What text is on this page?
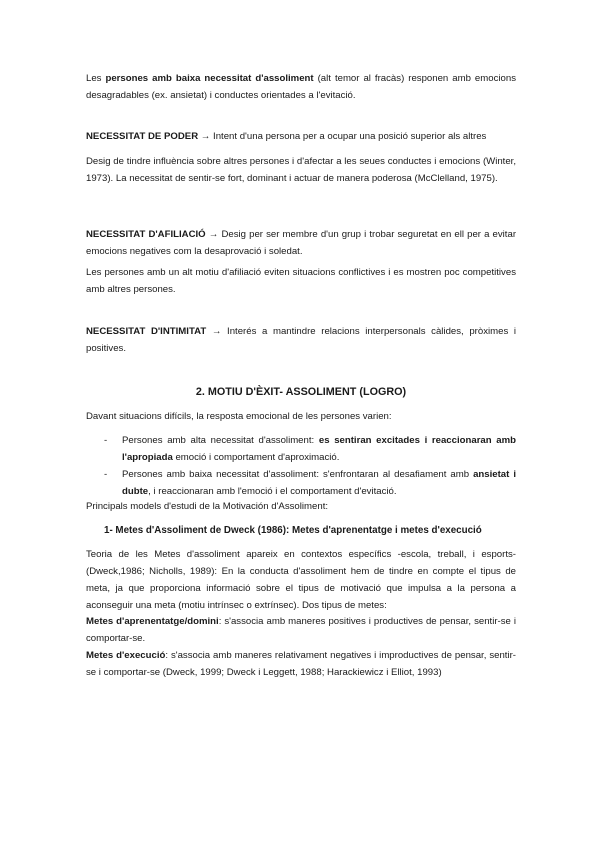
Les persones amb baixa necessitat d'assoliment (alt temor al fracàs) responen amb emocions desagradables (ex. ansietat) i conductes orientades a l'evitació.

NECESSITAT DE PODER → Intent d'una persona per a ocupar una posició superior als altres

Desig de tindre influència sobre altres persones i d'afectar a les seues conductes i emocions (Winter, 1973). La necessitat de sentir-se fort, dominant i actuar de manera poderosa (McClelland, 1975).

NECESSITAT D'AFILIACIÓ → Desig per ser membre d'un grup i trobar seguretat en ell per a evitar emocions negatives com la desaprovació i soledat.

Les persones amb un alt motiu d'afiliació eviten situacions conflictives i es mostren poc competitives amb altres persones.

NECESSITAT D'INTIMITAT → Interés a mantindre relacions interpersonals càlides, pròximes i positives.

2. MOTIU D'ÈXIT- ASSOLIMENT (LOGRO)

Davant situacions difícils, la resposta emocional de les persones varien:

- Persones amb alta necessitat d'assoliment: es sentiran excitades i reaccionaran amb l'apropiada emoció i comportament d'aproximació.

- Persones amb baixa necessitat d'assoliment: s'enfrontaran al desafiament amb ansietat i dubte, i reaccionaran amb l'emoció i el comportament d'evitació.

Principals models d'estudi de la Motivación d'Assoliment:

1- Metes d'Assoliment de Dweck (1986): Metes d'aprenentatge i metes d'execució

Teoria de les Metes d'assoliment apareix en contextos específics -escola, treball, i esports- (Dweck,1986; Nicholls, 1989): En la conducta d'assoliment hem de tindre en compte el tipus de meta, ja que proporciona informació sobre el tipus de motivació que impulsa a la persona a aconseguir una meta (motiu intrínsec o extrínsec). Dos tipus de metes:

Metes d'aprenentatge/domini: s'associa amb maneres positives i productives de pensar, sentir-se i comportar-se.

Metes d'execució: s'associa amb maneres relativament negatives i improductives de pensar, sentir-se i comportar-se (Dweck, 1999; Dweck i Leggett, 1988; Harackiewicz i Elliot, 1993)
